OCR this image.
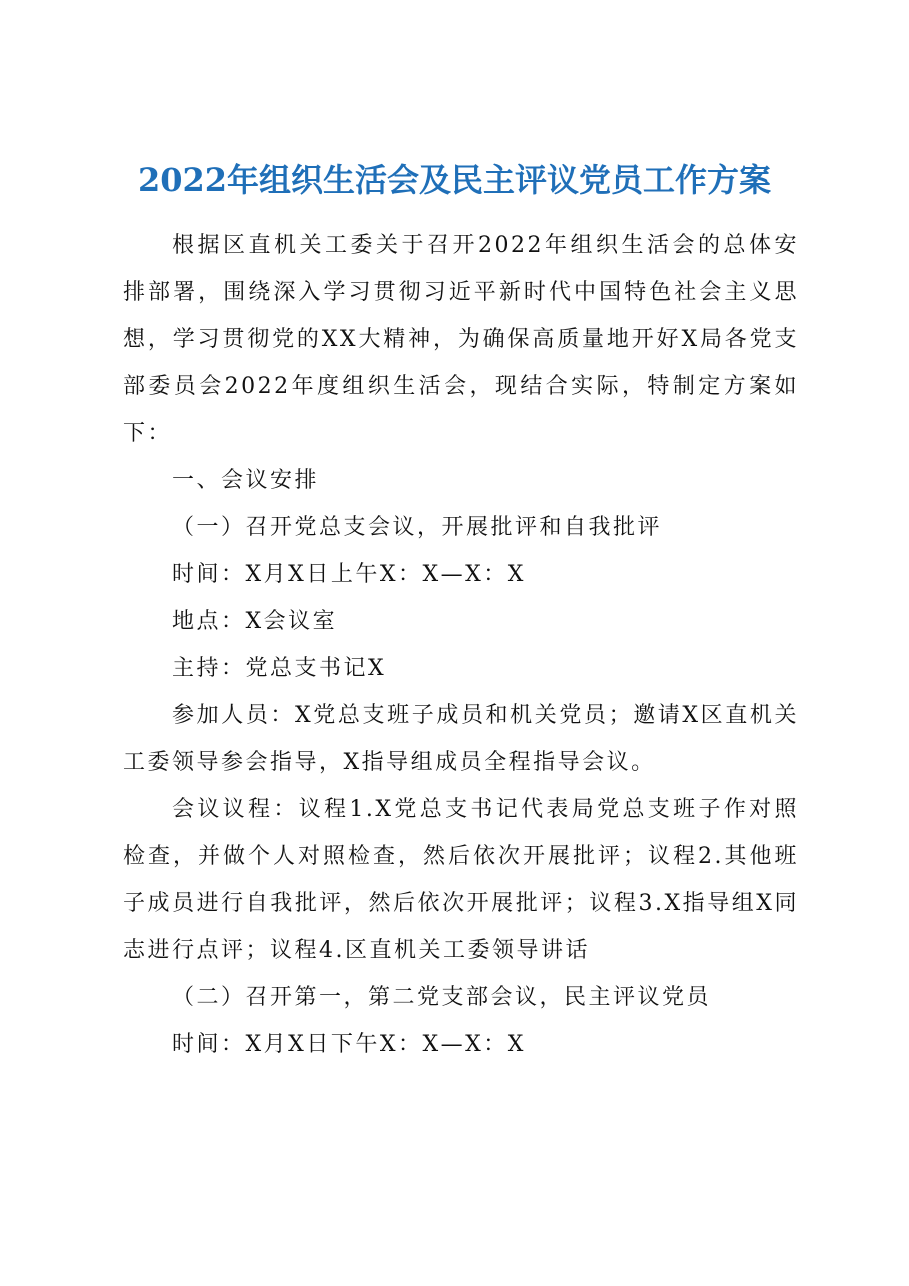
2022年组织生活会及民主评议党员工作方案

根据区直机关工委关于召开2022年组织生活会的总体安排部署，围绕深入学习贯彻习近平新时代中国特色社会主义思想，学习贯彻党的XX大精神，为确保高质量地开好X局各党支部委员会2022年度组织生活会，现结合实际，特制定方案如下：

一、会议安排

（一）召开党总支会议，开展批评和自我批评

时间：X月X日上午X：X—X：X

地点：X会议室

主持：党总支书记X

参加人员：X党总支班子成员和机关党员；邀请X区直机关工委领导参会指导，X指导组成员全程指导会议。

会议议程：议程1.X党总支书记代表局党总支班子作对照检查，并做个人对照检查，然后依次开展批评；议程2.其他班子成员进行自我批评，然后依次开展批评；议程3.X指导组X同志进行点评；议程4.区直机关工委领导讲话

（二）召开第一，第二党支部会议，民主评议党员

时间：X月X日下午X：X—X：X
